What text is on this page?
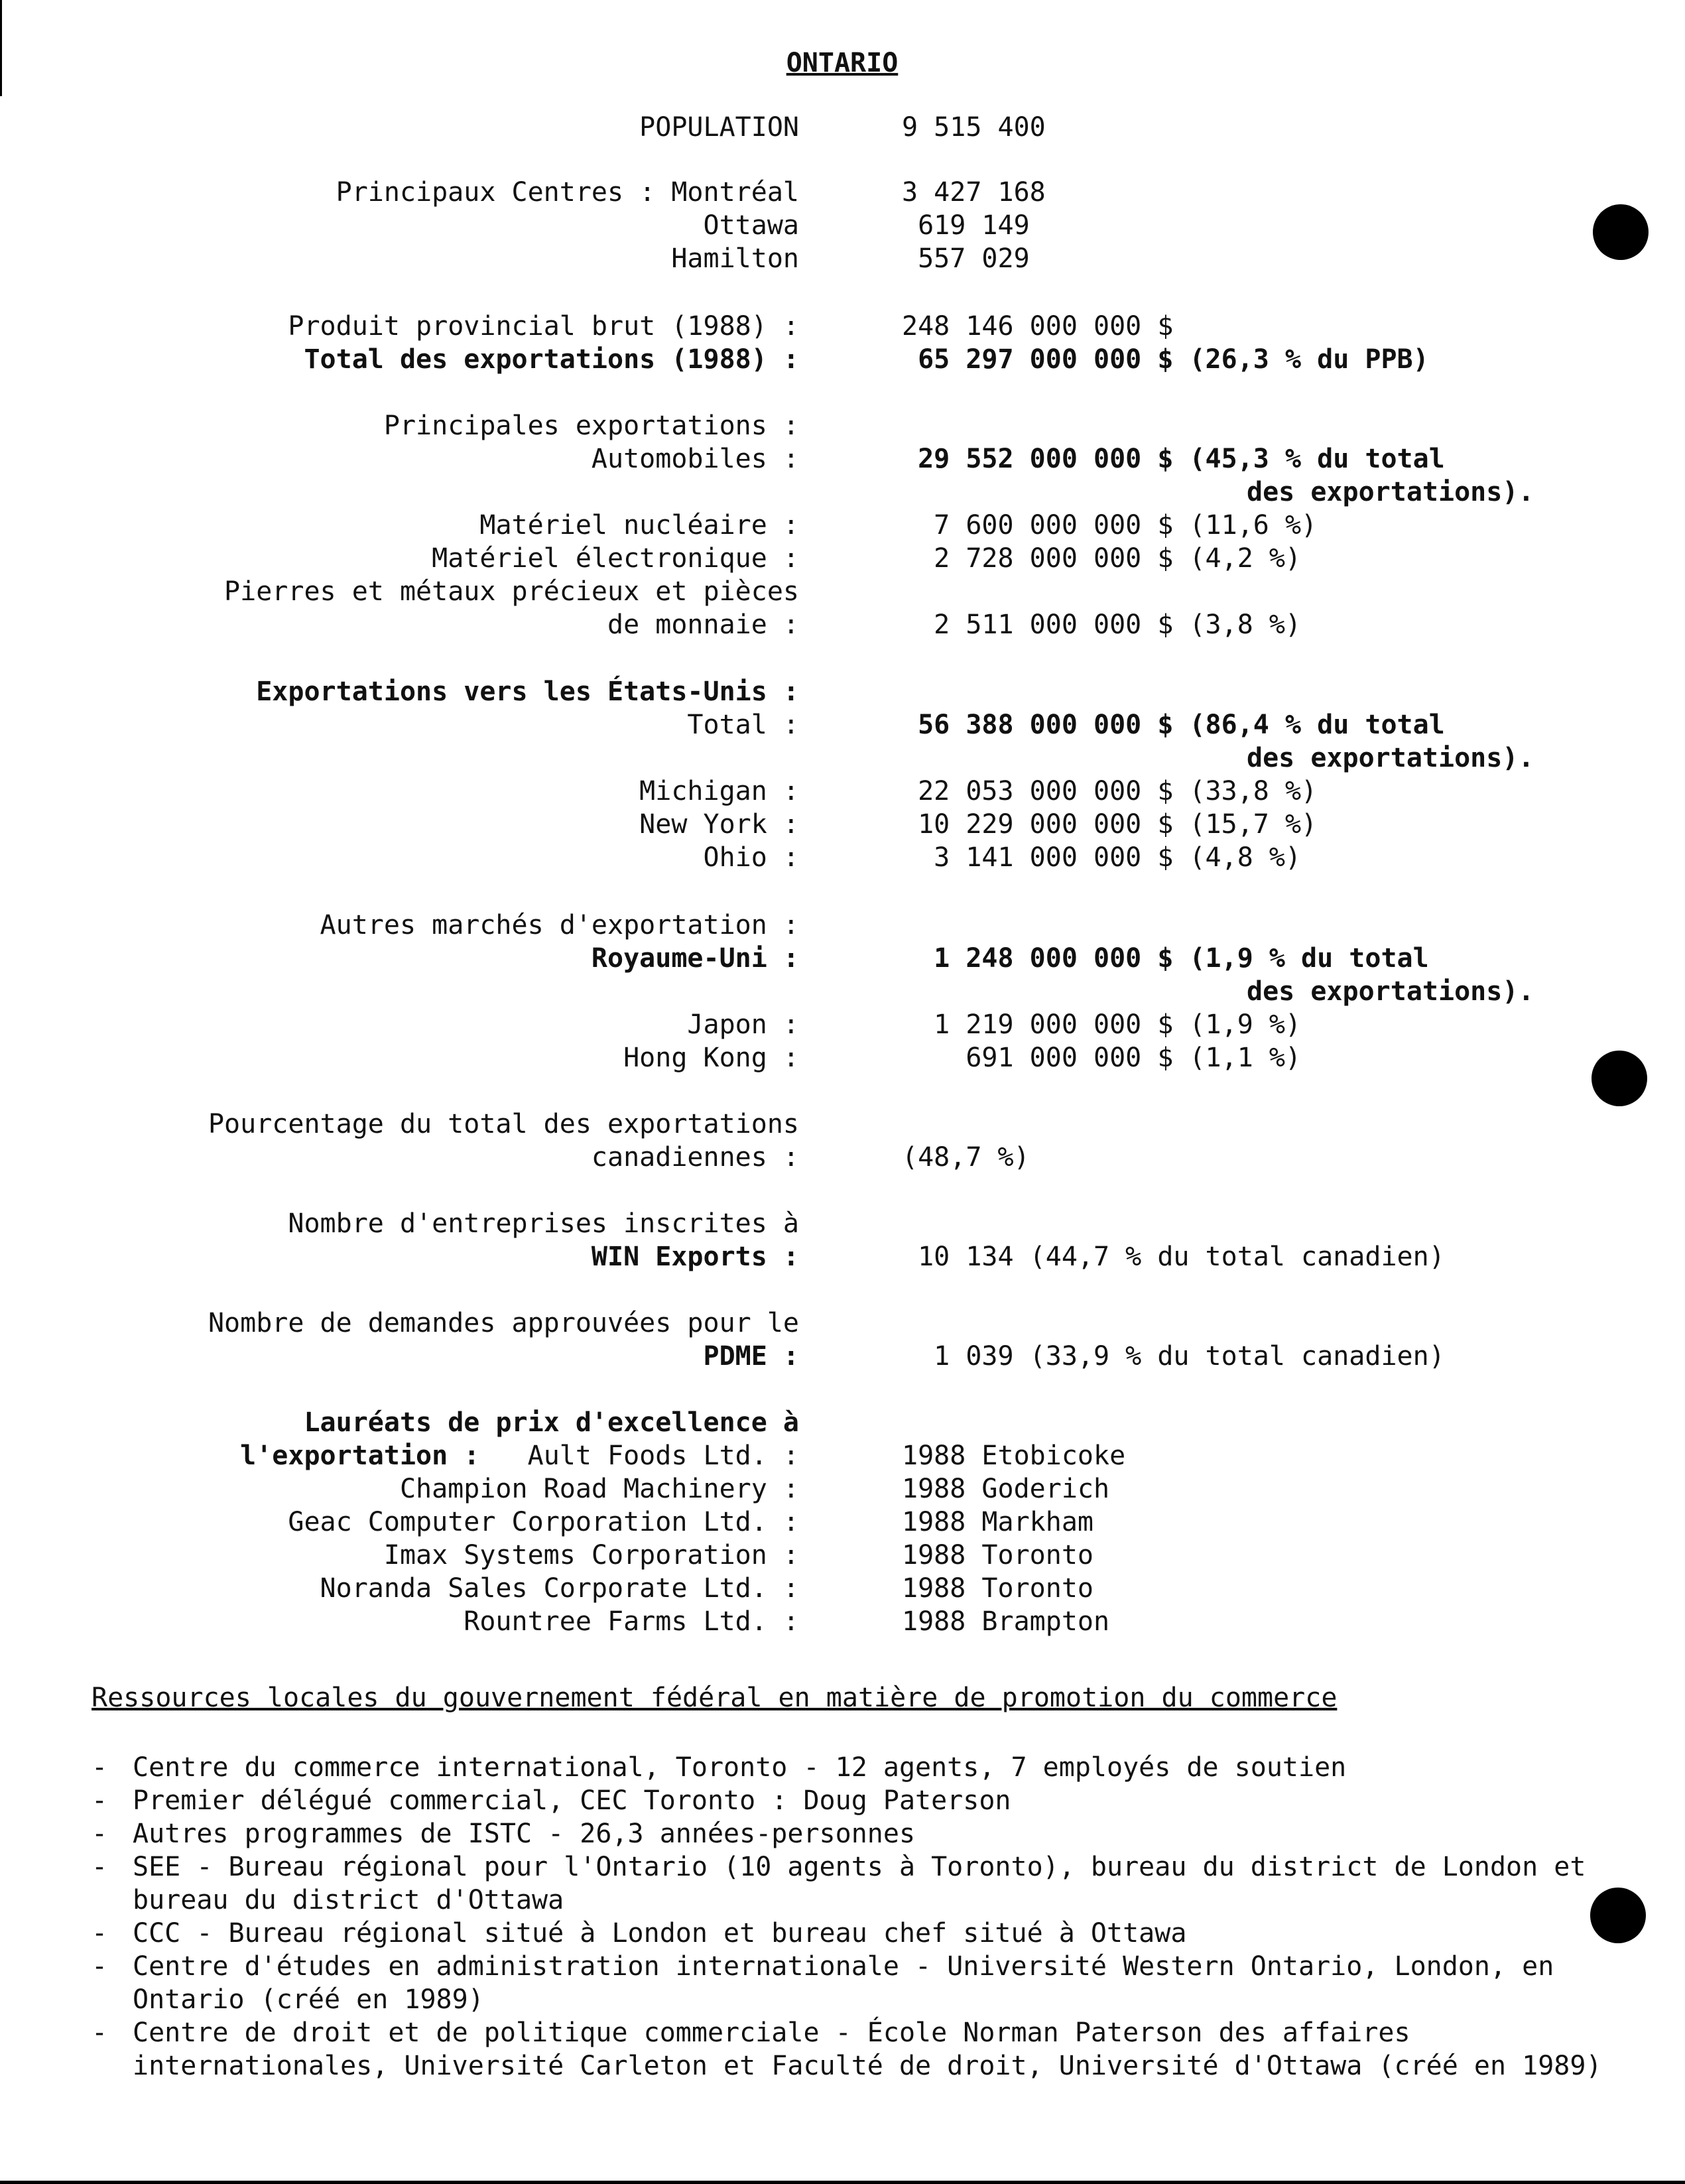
ONTARIO
POPULATION	9 515 400
Principaux Centres : Montréal	3 427 168
Ottawa	619 149
Hamilton	557 029
Produit provincial brut (1988) :	248 146 000 000 $
Total des exportations (1988) :	65 297 000 000 $ (26,3 % du PPB)
Principales exportations :
Automobiles :	29 552 000 000 $ (45,3 % du total
des exportations).
Matériel nucléaire :	7 600 000 000 $ (11,6 %)
Matériel électronique :	2 728 000 000 $ (4,2 %)
Pierres et métaux précieux et pièces
de monnaie :	2 511 000 000 $ (3,8 %)
Exportations vers les États-Unis :
Total :	56 388 000 000 $ (86,4 % du total
des exportations).
Michigan :	22 053 000 000 $ (33,8 %)
New York :	10 229 000 000 $ (15,7 %)
Ohio :	3 141 000 000 $ (4,8 %)
Autres marchés d'exportation :
Royaume-Uni :	1 248 000 000 $ (1,9 % du total
des exportations).
Japon :	1 219 000 000 $ (1,9 %)
Hong Kong :	691 000 000 $ (1,1 %)
Pourcentage du total des exportations
canadiennes :	(48,7 %)
Nombre d'entreprises inscrites à
WIN Exports :	10 134 (44,7 % du total canadien)
Nombre de demandes approuvées pour le
PDME :	1 039 (33,9 % du total canadien)
Lauréats de prix d'excellence à
l'exportation :   Ault Foods Ltd. :	1988 Etobicoke
Champion Road Machinery :	1988 Goderich
Geac Computer Corporation Ltd. :	1988 Markham
Imax Systems Corporation :	1988 Toronto
Noranda Sales Corporate Ltd. :	1988 Toronto
Rountree Farms Ltd. :	1988 Brampton
Ressources locales du gouvernement fédéral en matière de promotion du commerce
- Centre du commerce international, Toronto - 12 agents, 7 employés de soutien
- Premier délégué commercial, CEC Toronto : Doug Paterson
- Autres programmes de ISTC - 26,3 années-personnes
- SEE - Bureau régional pour l'Ontario (10 agents à Toronto), bureau du district de London et bureau du district d'Ottawa
- CCC - Bureau régional situé à London et bureau chef situé à Ottawa
- Centre d'études en administration internationale - Université Western Ontario, London, en Ontario (créé en 1989)
- Centre de droit et de politique commerciale - École Norman Paterson des affaires internationales, Université Carleton et Faculté de droit, Université d'Ottawa (créé en 1989)
